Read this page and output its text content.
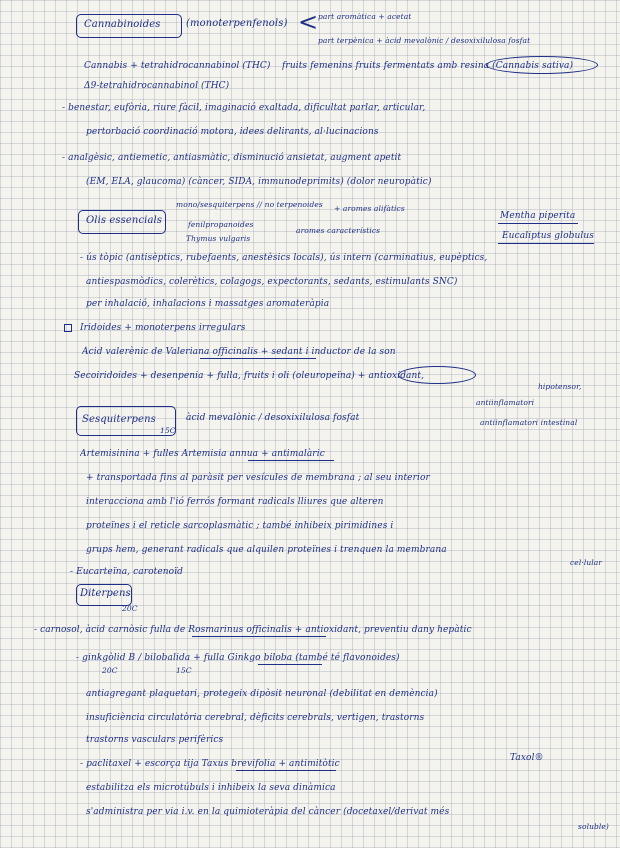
Cannabinoides	(monoterpenfenols) < part aromàtica + acetat
part terpènica + àcid mevalònic / desoxixilulosa fosfat
Cannabis + tetrahidrocannabinol (THC) fruits femenins fruits fermentats amb resina (Cannabis sativa)
Δ9-tetrahidrocannabinol (THC)
- benestar, eufòria, riure fàcil, imaginació exaltada, dificultat parlar, articular,
pertorbació coordinació motora, idees delirants, al·lucinacions
- analgèsic, antiemetic, antiasmàtic, disminució ansietat, augment apetit
(EM, ELA, glaucoma) (càncer, SIDA, immunodeprimits) (dolor neuropàtic)
Olis essencials
mono/sesquiterpens // no terpenoides
fenilpropanoides
aromes característics
+ aromes alifàtics
Thymus vulgaris
Mentha piperita
Eucaliptus globulus
- ús tòpic (antisèptics, rubefaents, anestèsics locals), ús intern (carminatius, eupèptics,
antiespasmòdics, colerètics, colagogs, expectorants, sedants, estimulants SNC)
per inhalació, inhalacions i massatges aromateràpia
Iridoides + monoterpens irregulars
Àcid valerènic de Valeriana officinalis + sedant i inductor de la son
Secoiridoides + desenpenia + fulla, fruits i oli (oleuropeïna) + antioxidant,
hipotensor,
antiinflamatori
antiinflamatori intestinal
Sesquiterpens
15C
àcid mevalònic / desoxixilulosa fosfat
Artemisinina + fulles Artemisia annua + antimalàric
+ transportada fins al paràsit per vesícules de membrana ; al seu interior
interacciona amb l'ió ferrós formant radicals lliures que alteren
proteïnes i el reticle sarcoplasmàtic ; també inhibeix pirimidines i
grups hem, generant radicals que alquilen proteïnes i trenquen la membrana
cel·lular
- Eucarteïna, carotenoïd
Diterpens
20C
- carnosol, àcid carnòsic fulla de Rosmarinus officinalis + antioxidant, preventiu dany hepàtic
- ginkgòlid B / bilobalida + fulla Ginkgo biloba (també té flavonoides)
20C	15C
antiagregant plaquetari, protegeix dipòsit neuronal (debilitat en demència)
insuficiència circulatòria cerebral, dèficits cerebrals, vertigen, trastorns
trastorns vasculars perifèrics
- paclitaxel + escorça tija Taxus brevifolia + antimitòtic
Taxol®
estabilitza els microtúbuls i inhibeix la seva dinàmica
s'administra per via i.v. en la quimioteràpia del càncer (docetaxel/derivat més
soluble)
